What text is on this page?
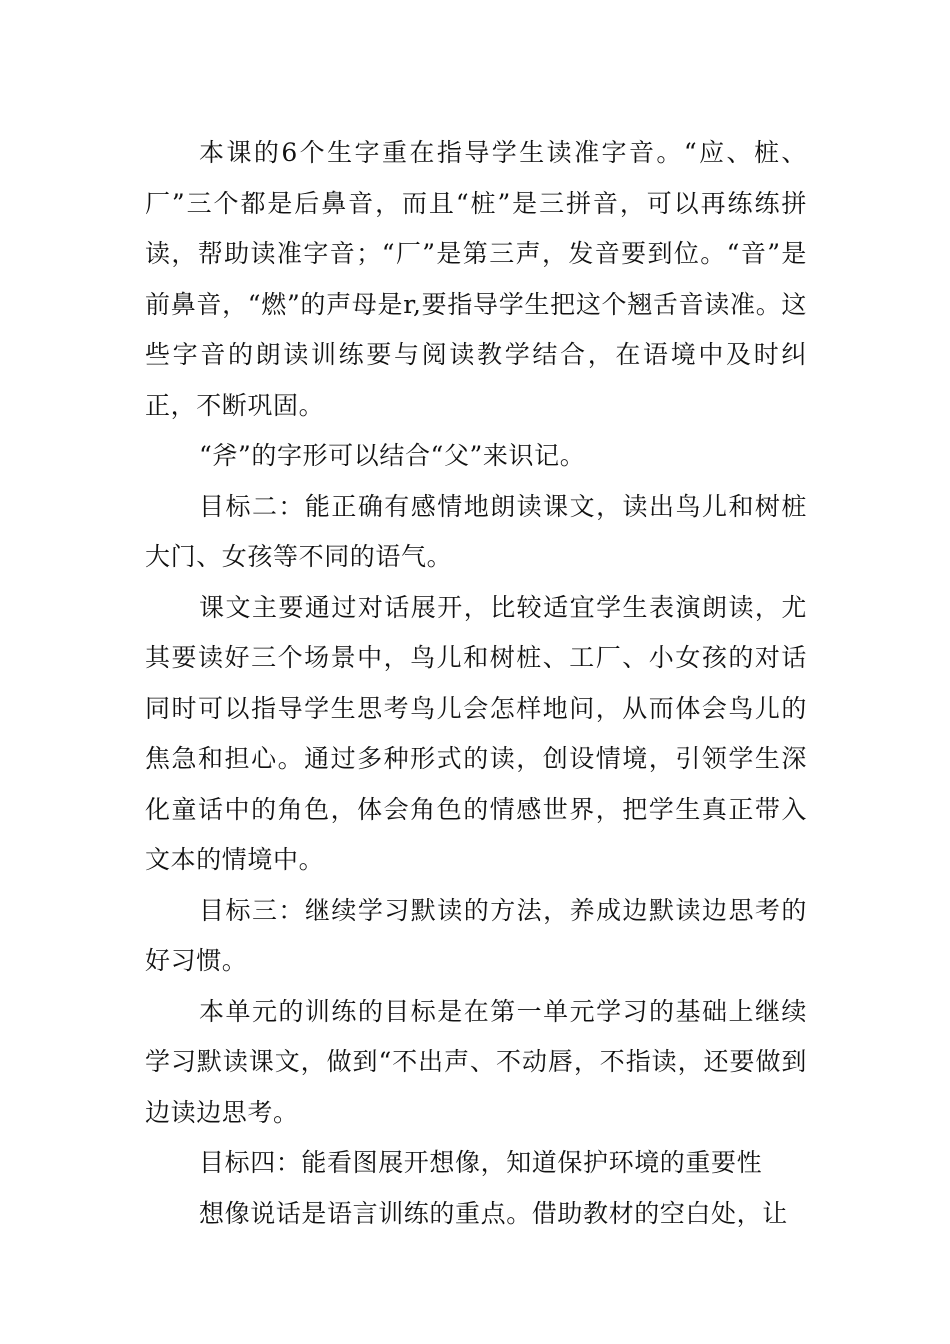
本课的6个生字重在指导学生读准字音。“应、桩、厂”三个都是后鼻音，而且“桩”是三拼音，可以再练练拼读，帮助读准字音；“厂”是第三声，发音要到位。“音”是前鼻音，“燃”的声母是r,要指导学生把这个翘舌音读准。这些字音的朗读训练要与阅读教学结合，在语境中及时纠正，不断巩固。

“斧”的字形可以结合“父”来识记。

目标二：能正确有感情地朗读课文，读出鸟儿和树桩大门、女孩等不同的语气。

课文主要通过对话展开，比较适宜学生表演朗读，尤其要读好三个场景中，鸟儿和树桩、工厂、小女孩的对话同时可以指导学生思考鸟儿会怎样地问，从而体会鸟儿的焦急和担心。通过多种形式的读，创设情境，引领学生深化童话中的角色，体会角色的情感世界，把学生真正带入文本的情境中。

目标三：继续学习默读的方法，养成边默读边思考的好习惯。

本单元的训练的目标是在第一单元学习的基础上继续学习默读课文，做到“不出声、不动唇，不指读，还要做到边读边思考。

目标四：能看图展开想像，知道保护环境的重要性

想像说话是语言训练的重点。借助教材的空白处，让
